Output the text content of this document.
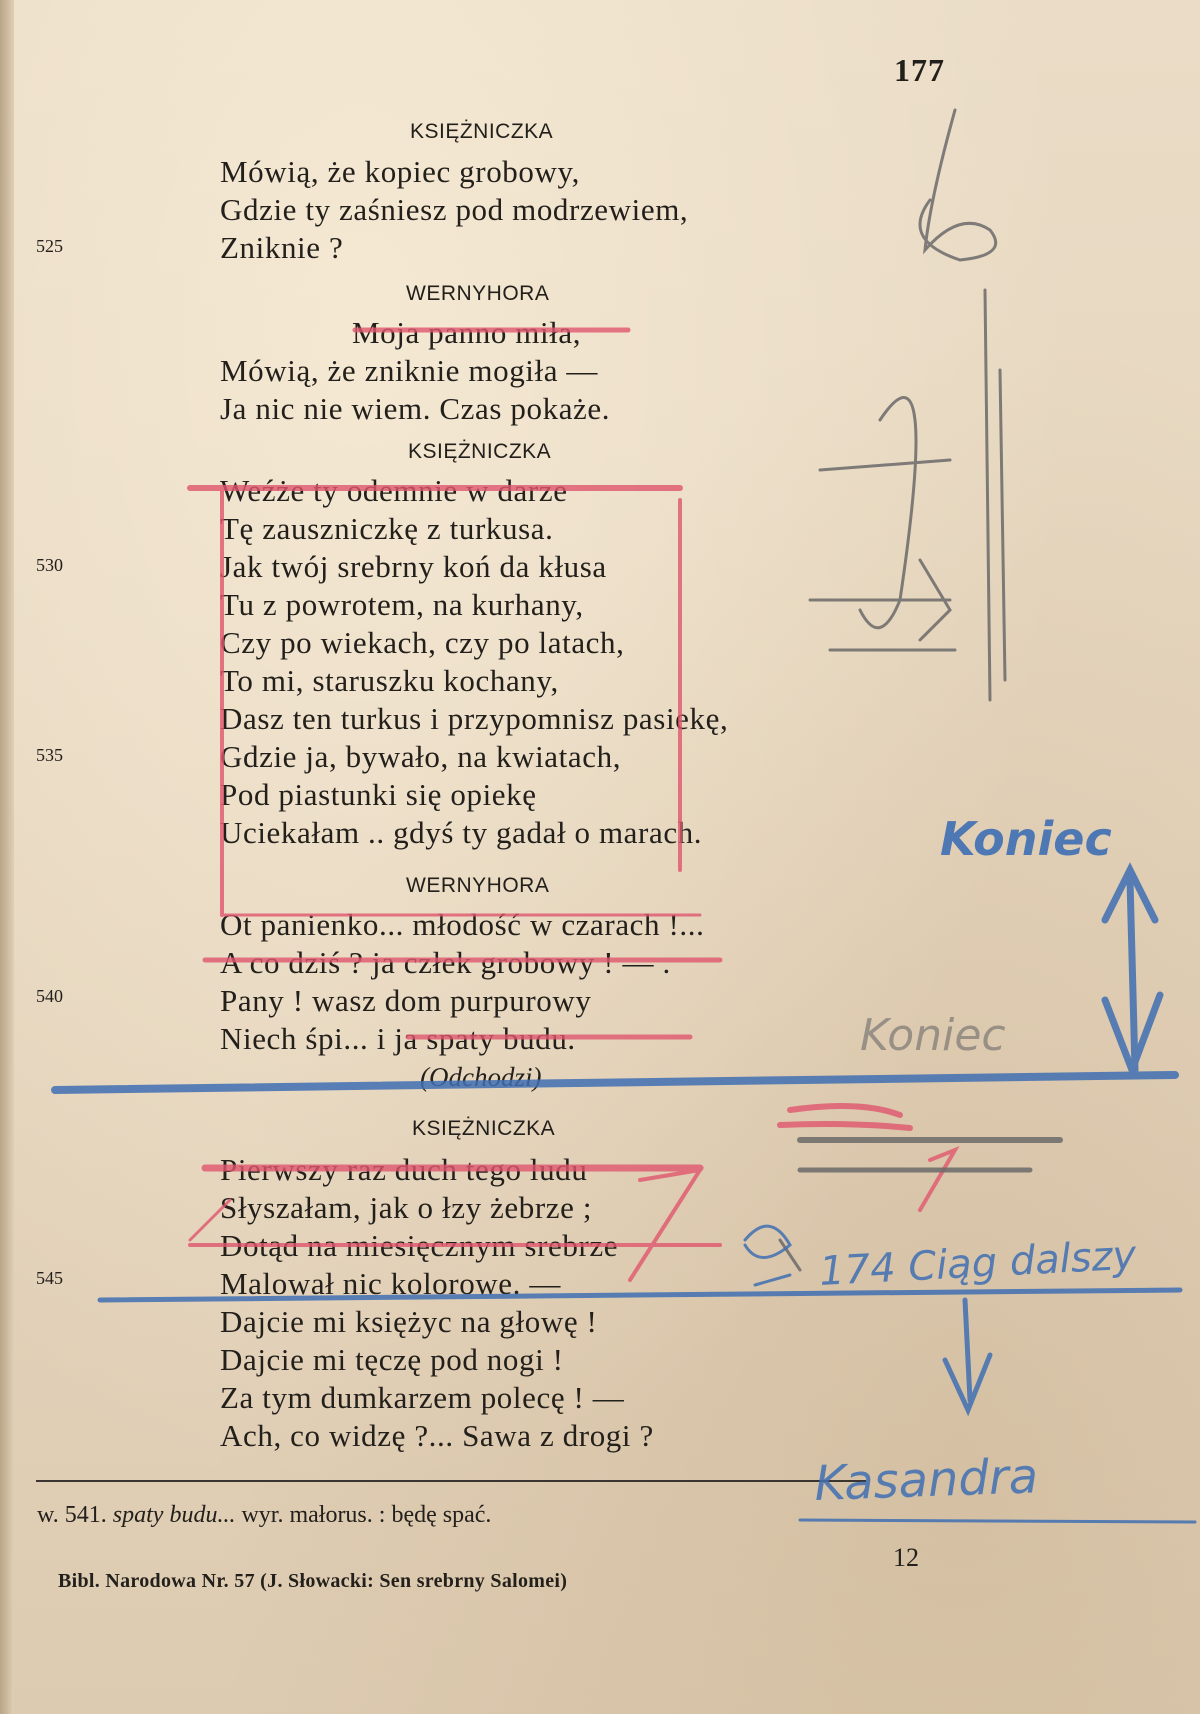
177
KSIĘŻNICZKA
Mówią, że kopiec grobowy,
Gdzie ty zaśniesz pod modrzewiem,
Zniknie ?
525
WERNYHORA
Moja panno miła,
Mówią, że zniknie mogiła —
Ja nic nie wiem. Czas pokaże.
KSIĘŻNICZKA
Weźże ty odemnie w darze
Tę zauszniczkę z turkusa.
Jak twój srebrny koń da kłusa
530
Tu z powrotem, na kurhany,
Czy po wiekach, czy po latach,
To mi, staruszku kochany,
Dasz ten turkus i przypomnisz pasiekę,
Gdzie ja, bywało, na kwiatach,
535
Pod piastunki się opiekę
Uciekałam .. gdyś ty gadał o marach.
WERNYHORA
Ot panienko... młodość w czarach !...
A co dziś ? ja człek grobowy ! — .
Pany ! wasz dom purpurowy
540
Niech śpi... i ja spaty budu.
(Odchodzi)
KSIĘŻNICZKA
Pierwszy raz duch tego ludu
Słyszałam, jak o łzy żebrze ;
Dotąd na miesięcznym srebrze
Malował nic kolorowe. —
545
Dajcie mi księżyc na głowę !
Dajcie mi tęczę pod nogi !
Za tym dumkarzem polecę ! —
Ach, co widzę ?... Sawa z drogi ?
w. 541. spaty budu... wyr. małorus. : będę spać.
Bibl. Narodowa Nr. 57 (J. Słowacki: Sen srebrny Salomei)
12
Koniec
Koniec
174 Ciąg dalszy
Kasandra
